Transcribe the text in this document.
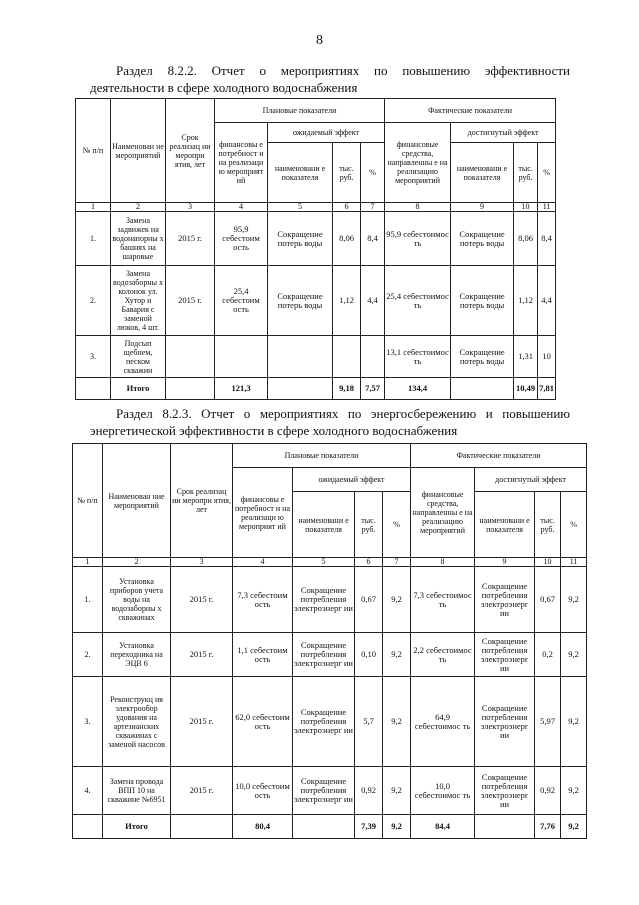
8
Раздел 8.2.2. Отчет о мероприятиях по повышению эффективности
деятельности в сфере холодного водоснабжения
№ п/п	Наименован не мероприятий	Срок реализац ии меропри ятия, лет	Плановые показатели				Фактические показатели			
			финансовы е потребност и на реализаци ю мероприят ий	ожидаемый эффект			финансовые средства, направленны е на реализацию мероприятий	достигнутый эффект		
				наименовани е показателя	тыс. руб.	%		наименовани е показателя	тыс. руб.	%
1	2	3	4	5	6	7	8	9	10	11
1.	Замена задвижек на водонапорны х башнях на шаровые	2015 г.	95,9 себестоим ость	Сокращение потерь воды	8,06	8,4	95,9 себестоимос ть	Сокращение потерь воды	8,06	8,4
2.	Замена водозаборны х колонок ул. Хутор и Бавария с заменой люков, 4 шт.	2015 г.	25,4 себестоим ость	Сокращение потерь воды	1,12	4,4	25,4 себестоимос ть	Сокращение потерь воды	1,12	4,4
3.	Подсып щебнем, песком скважин						13,1 себестоимос ть	Сокращение потерь воды	1,31	10
	Итого		121,3		9,18	7,57	134,4		10,49	7,81
Раздел 8.2.3. Отчет о мероприятиях по энергосбережению и повышению
энергетической эффективности в сфере холодного водоснабжения
№ п/п	Наименован ние мероприятий	Срок реализац ии меропри ятия, лет	Плановые показатели				Фактические показатели			
			финансовы е потребност и на реализаци ю мероприят ий	ожидаемый эффект			финансовые средства, направленны е на реализацию мероприятий	достигнутый эффект		
				наименовани е показателя	тыс. руб.	%		наименовани е показателя	тыс. руб.	%
1	2	3	4	5	6	7	8	9	10	11
1.	Установка приборов учета воды на водозаборны х скважинах	2015 г.	7,3 себестоим ость	Сокращение потребления электроэнерг ии	0,67	9,2	7,3 себестоимос ть	Сокращение потребления электроэнерг ии	0,67	9,2
2.	Установка переходника на ЭЦВ 6	2015 г.	1,1 себестоим ость	Сокращение потребления электроэнерг ии	0,10	9,2	2,2 себестоимос ть	Сокращение потребления электроэнерг ии	0,2	9,2
3.	Реконструкц ия электрообор удования на артезианских скважинах с заменой насосов	2015 г.	62,0 себестоим ость	Сокращение потребления электроэнерг ии	5,7	9,2	64,9 себестоимос ть	Сокращение потребления электроэнерг ии	5,97	9,2
4.	Замена провода ВПП 10 на скважине №6951	2015 г.	10,0 себестоим ость	Сокращение потребления электроэнерг ии	0,92	9,2	10,0 себестоимос ть	Сокращение потребления электроэнерг ии	0,92	9,2
	Итого		80,4		7,39	9,2	84,4		7,76	9,2
